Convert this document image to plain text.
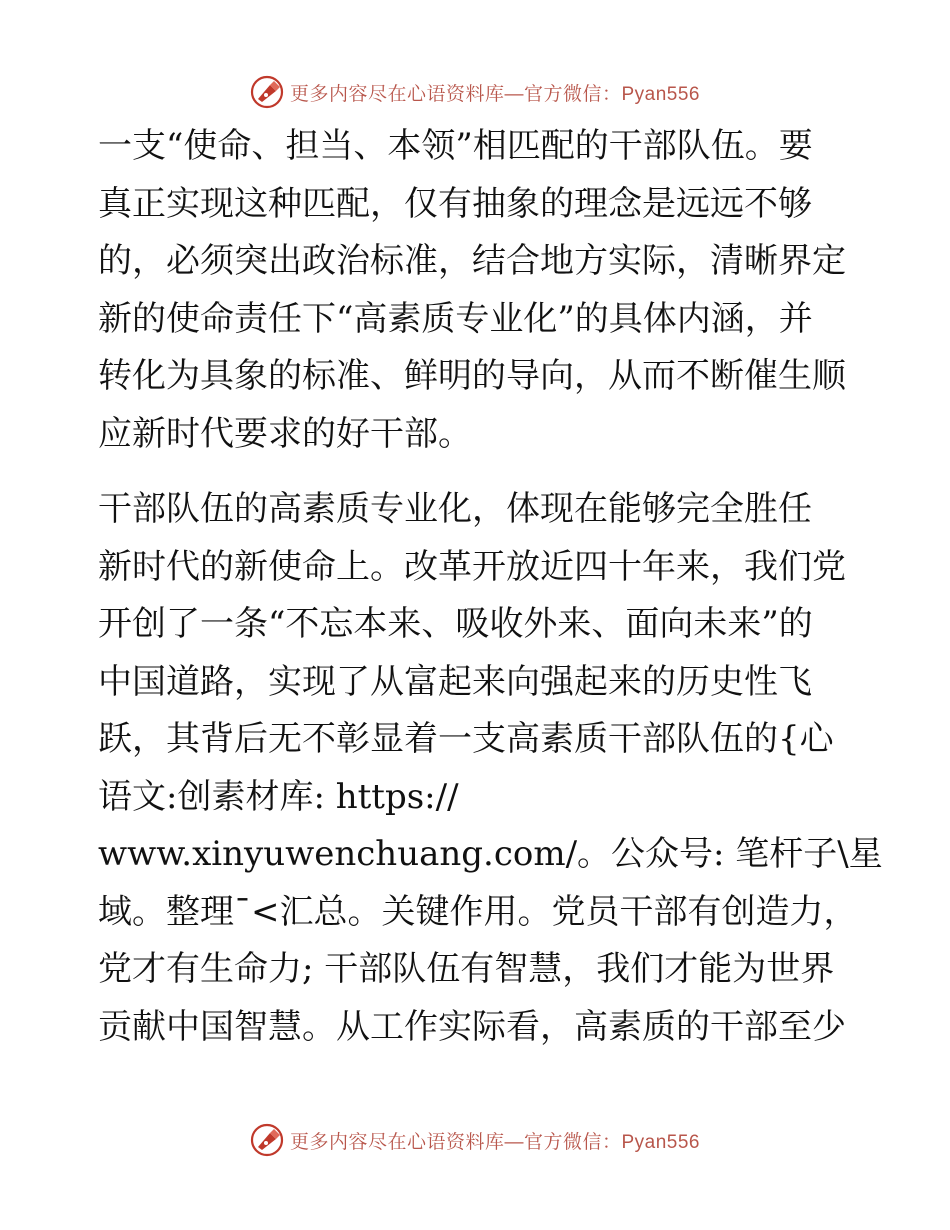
更多内容尽在心语资料库—官方微信：Pyan556
一支“使命、担当、本领”相匹配的干部队伍。要
真正实现这种匹配，仅有抽象的理念是远远不够
的，必须突出政治标准，结合地方实际，清晰界定
新的使命责任下“高素质专业化”的具体内涵，并
转化为具象的标准、鲜明的导向，从而不断催生顺
应新时代要求的好干部。
干部队伍的高素质专业化，体现在能够完全胜任
新时代的新使命上。改革开放近四十年来，我们党
开创了一条“不忘本来、吸收外来、面向未来”的
中国道路，实现了从富起来向强起来的历史性飞
跃，其背后无不彰显着一支高素质干部队伍的{心
语文:创素材库: https://
www.xinyuwenchuang.com/。公众号: 笔杆子\星
域。整理¯<汇总。关键作用。党员干部有创造力，
党才有生命力; 干部队伍有智慧，我们才能为世界
贡献中国智慧。从工作实际看，高素质的干部至少
更多内容尽在心语资料库—官方微信：Pyan556
